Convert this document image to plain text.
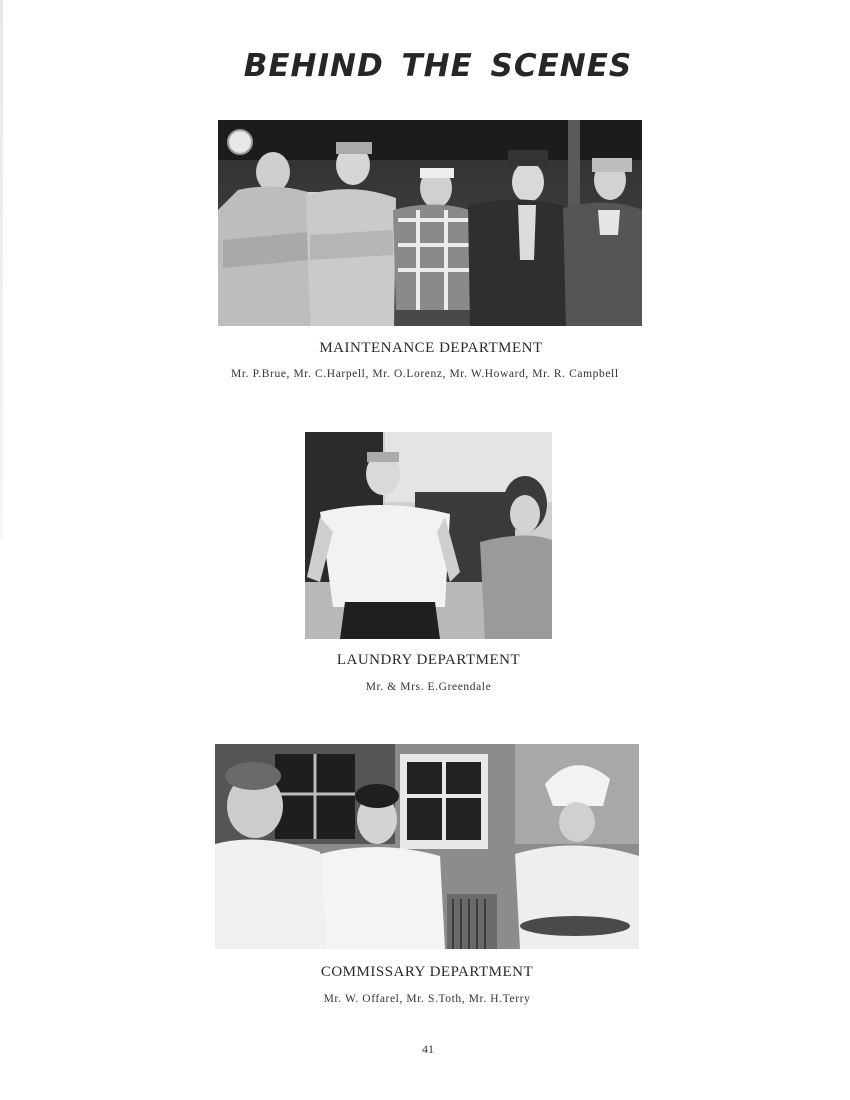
BEHIND THE SCENES
MAINTENANCE DEPARTMENT
Mr. P.Brue, Mr. C.Harpell, Mr. O.Lorenz, Mr. W.Howard, Mr. R. Campbell
LAUNDRY DEPARTMENT
Mr. & Mrs. E.Greendale
COMMISSARY DEPARTMENT
Mr. W. Offarel, Mr. S.Toth, Mr. H.Terry
41
